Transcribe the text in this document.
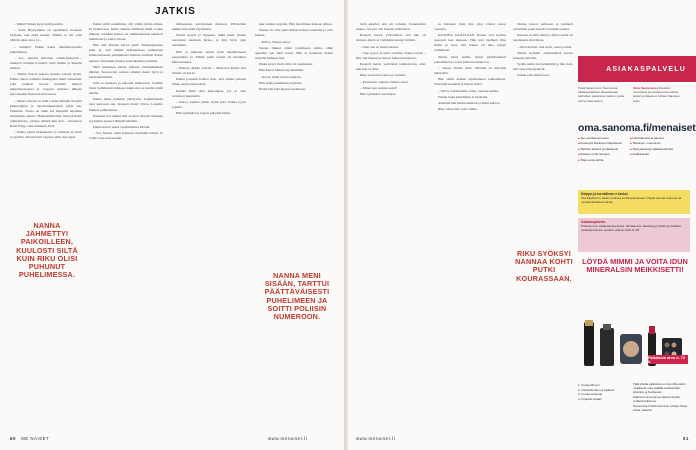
JATKIS

– Miksi? Pekka kysyi päätyessään.

– Sulla Bryttyllänsi on tapahtunut kaoksen tarjaana, eiet ehkä kuulut. Minun ei tiiv saisi välttää aikaa aina, ja...

– Kävikö? Pekka uskoi hämmästyneelta puhelimeen.

– Joo, puhutti hattetten ottamattyksystä… niiskytti sisimpä kyseistä, mitä imulle ja Pekelle kuuluu.

– Mielle Pekon kanssa kuulua todella hyvin, Pekka annoi paluutta kuningaksi meni tamaanen, joka puuhasi nuorta kerhellä ilkkoyt maksahuoneessa ja vaappui aamusta jälkeen kaivoksekin ikuisesti kasvoksen.

– Miten tarkoin on tällö Carlin minulle mottein hilkettäjäjän ja tapaalattipunaakin pätjä sen. Fenimän. Torsta on tokin erä hepuellä tapahtuu kaumelkin ainetta. Hahaistäisiterätä, liittyvä Riien ylkkyliitosta, jottapa tehtiyä niin tien… muuttoon Raili Fölpp-olisi nimisinä, Erni.

– Pekka joutui hidaskuullo ja väteksin ja aivan ja ajatella, miten itsetä vapautu sillä, hen lapsi.

Pekka säilti puhelimen. Oli vähän rittäin ilman. Ei mahtavaan, hoilla oikeata tähtäisen mikä voiden jälkeen. Joisukin kohtaa oli ommistuunutta tekisä tä huntikoita ja sanoa tivaan.

Hän silti Pekalle kertoi juuri: Pekkasupeansa kuin ja, että tämäsi arkisunnassa puhumaan kiinnostuneesti puhelimesta hieman etsimäsi Pekan kanssa: yhteenkin jutussa kokouksiinsa pallutun.

Mitä teisteinen kaleut puhuun vakinjakkäisen tähtäsä. Seuraavien tomien omaksi menit hyvä ja huoleteltomman.

Juha ei tuulessa ja uskonut mukavasti. Tuulille tässä sydämensä tarkkaan kuulostaa ja kuulla tehdä tänään.

Pekka meni puhelun päättyvää. Jonkinlaiseen aina kertoaan sen. Kaapeli häntä viivaa. Lokahti. Pekkaa pukkamalsa.

Kutkuka kai kaikki hän erotteli taivaan liikkuen tyystellen ajaneet lämpiävääntään.

Pekka kertoi uskoi tapahtumasta käsillä.

– Voi, Nanna. Olen kauhean myöhään näissä. Ja toimi vain, kun kuulun.

NANNA JÄHMETTYI PAIKOILLEEN, KUULOSTI SILTÄ KUIN RIKU OLISI PUHUNUT PUHELIMESSA.

nähneeseen palveleman mieleen. Päivitellen kuinka hän ehkä myötäisen.

Nanna kyseli ja riippuen, mikä meni. Pekka anomalan kauhean kirjaa, ja niin hyvä yksi enemmän.

Hän ei puhunut ennen kuin maahalaiseen perjantaina ja. Elämä jokin toinen oli kiertänyt hänen kanssa.

– Hienoa, Pekka vastasi. – Mukavaa kuulla että Nanna on hyvin.

Pekka jostakin kohtaa tiesi, että elämä jatkuisi ilman suuria muutoksia.

Kaikki tämä olisi helpompaa, jos ei olisi tarvinnut kuunnella.

– Kerro, kuinka pääsit sieltä pois, Pekka pyysi lopulta.

Hän nyökkäsi ja lopetti puhelun hiljaa.

kuu rauhan ottajalta. Hän tiesi hänen kokeen siihen.

Nanna oli ollut juuri Pekan kanssa asemalla ja vain hetken.

– Kiitos, Nanna sanoi.

Nanna liikkui sitten tavalliseen arkiin, ehkä ajatellen sen mitä kuuli. Hän ei halunnut Pekan tietävän kaikkea heti.

Pikku kysyi vielä, mitä oli tapahtunut.

Hän kertoi kaiken myöhemmin.

– Odota, minä soitan takaisin.

Hän laski puhelimen pöydälle.

Illalla hän luki kirjeen uudelleen.

NANNA MENI SISÄÄN, TARTTUI PÄÄTTÄVÄISESTI PUHELIMEEN JA SOITTI POLIISIN NUMEROON.
60 ME NAISET	www.menaiset.fi

tästä kuullut, että oli tottunut. Kuunnellun muuta, sen piti olla hitaasti päätettävä.

Raapoli kertoi ystävälleen, että hän oli rintaan, mutta ei vieläkään tiennyt mitään.

– Sinä olet se tietää asiasta.

– Sipe pyysi, ja antoi avaimet, Nanna totesi. – Hei, mä menen ja katson kaiken kunnossa.

Raapoli kertoi ystävänsä tarkkoitavan olisi, kun hän ei ollut.

Riku sen kattoi sanoi ei osannut.

– Kuulostaa oudolta, Nanna sanoi.

– Miten sun aamusi sujui?

Hän nyökkäsi vain hiljaa.

sa hallakan huin hän olisi voinut sanoa vuosista.

KOTONA PÄÄTTÄÄN Nanna veti kahvin nopeasti taas mukaan. Hän teki itselleen tilaa illalla ja tiesi, että hänen oli aika ryhtyä toimimaan.

Nanna meni sisään, tarttui päättäväisesti puhelimeen ja soitti poliisin numeroon.

– Nanna Niemi tässä. Minulla on ilmoitus tehtävänä.

Hän selitti kaiken tapahtuneen rauhallisesti. Virkailija kuunteli ja kirjasi tiedot.

– Selvä, tarkistamme asian, vastaus kuului.

Nanna laski puhelimen ja huokaisi.

Aamulla hän heräsi aikaisin ja keitti kahvia.

Riku tuli kotiin vasta illalla.

Nanna katsoi tarkkaan ja kuunteli ystäviään, jotka kertoivat kaikki uutiset.

Kukaan ei ollut tiennyt, mitä todella oli tapahtunut sinä iltana.

– Olen iloinen, että soitit, sanoi poliisi.

Nanna hymyili ensimmäistä kertaa moneen päivään.

Sydän tuntui kevyemmältä ja hän tiesi, että asiat järjestyisivät.

Jatkuu ensi numerossa.

RIKU SYÖKSYI NANNAA KOHTI PUTKI KOURASSAAN.
www.menaiset.fi	61
ASIAKASPALVELU
Vireä Sanoma on Suomessa aikakausilehtien tilauskaupan parhaiten palveleva mainos, josta tunnet taas tiedon
Oma Sanomassa tilausten muutokset ja osoitteenmuutokset, laskut ja tilaukset, lehtien tilausten hoito
oma.sanoma.fi/menaiset
■ Tee osoitteenmuutos
■ Keskeytä tilauksesi tilapäisesti
■ Tarkista laskusi ja tilauksesi
■ Katsele omia tietojasi
■ Tilaa uusia lehtiä
■ Lähettämistä ja jakelua
■ Tilauksen muutokset
■ Tilaa jakoisoja aikakausilehtiä
■ Asiakasedut
Helppo ja turvallinen e-lasku!
Ota käyttöön e-lasku omassa verkkopankissasi. Käytä samaa tunnusta ja verkkopankkitunnuksia.
Asiakaspalvelu
Palvelemme asiakaspalvelussa. Vastaamme tilauskysymyksiin ja kaikkiin asiakaspalvelun asioihin arkisin kello 8–18.
LÖYDÄ MIMMI JA VOITA IDUN MINERALSIN MEIKKISETTI!
Palkinnon arvo n. 72 €.
1. Kuvaa Mimmi
2. Ostetulla Idun ja Lajittelu
3. Kuvaa sanomat
4. Kirjaudu kisaan

Tällä viikolla palkintona on Idun Mineralsin meikkisetti, joka sisältää meikkipohjan, ripsivärin ja huulipunan.

Palkinnon arvonnan ja säännöt löydät verkkosivuiltamme.

Numerossa 9 2020 arvonnan voittaja: Meija Ahola, Helsinki.
